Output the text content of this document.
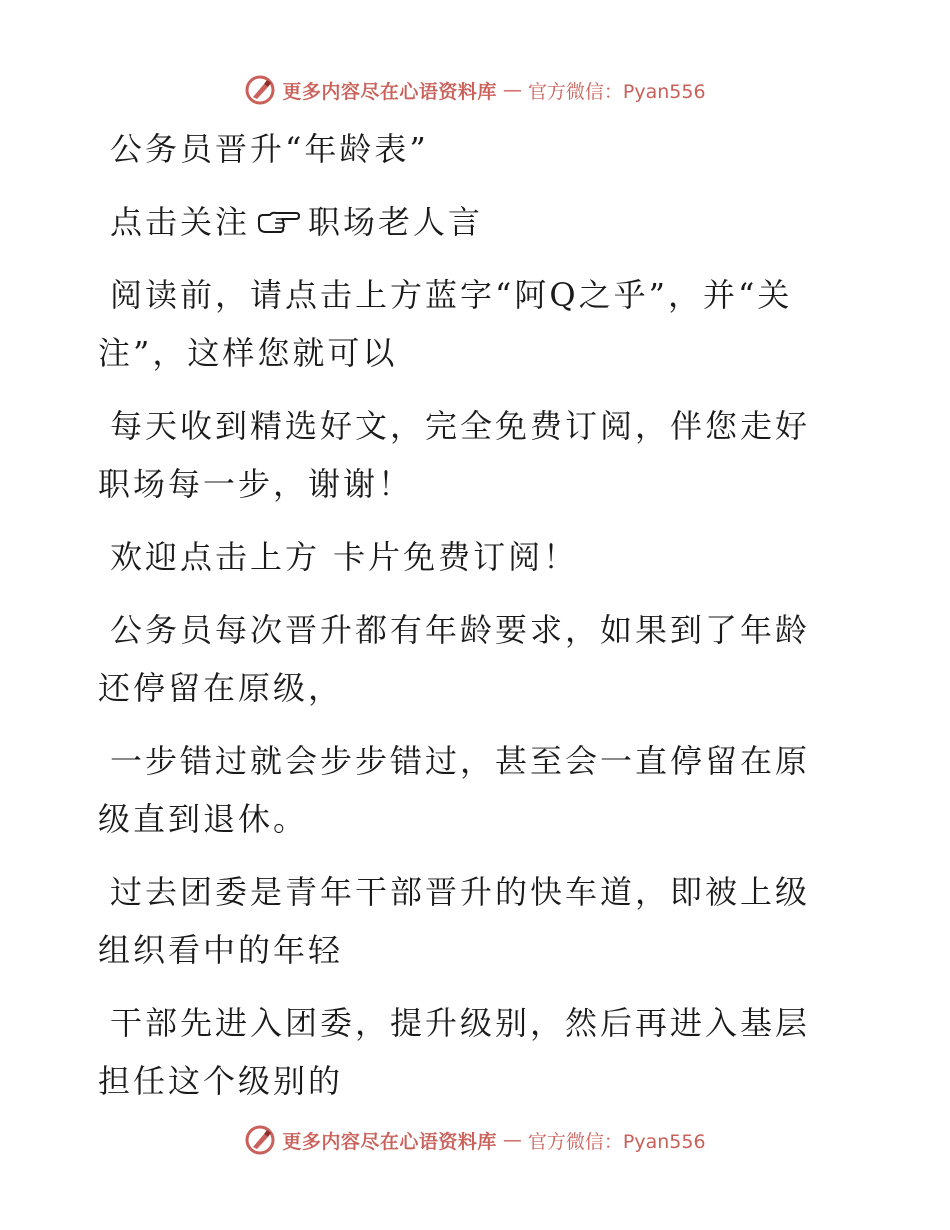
更多内容尽在心语资料库 — 官方微信：Pyan556

公务员晋升“年龄表”

点击关注 职场老人言

阅读前，请点击上方蓝字“阿Q之乎”，并“关注”，这样您就可以

每天收到精选好文，完全免费订阅，伴您走好职场每一步，谢谢！

欢迎点击上方 卡片免费订阅！

公务员每次晋升都有年龄要求，如果到了年龄还停留在原级，

一步错过就会步步错过，甚至会一直停留在原级直到退休。

过去团委是青年干部晋升的快车道，即被上级组织看中的年轻

干部先进入团委，提升级别，然后再进入基层担任这个级别的

更多内容尽在心语资料库 — 官方微信：Pyan556
